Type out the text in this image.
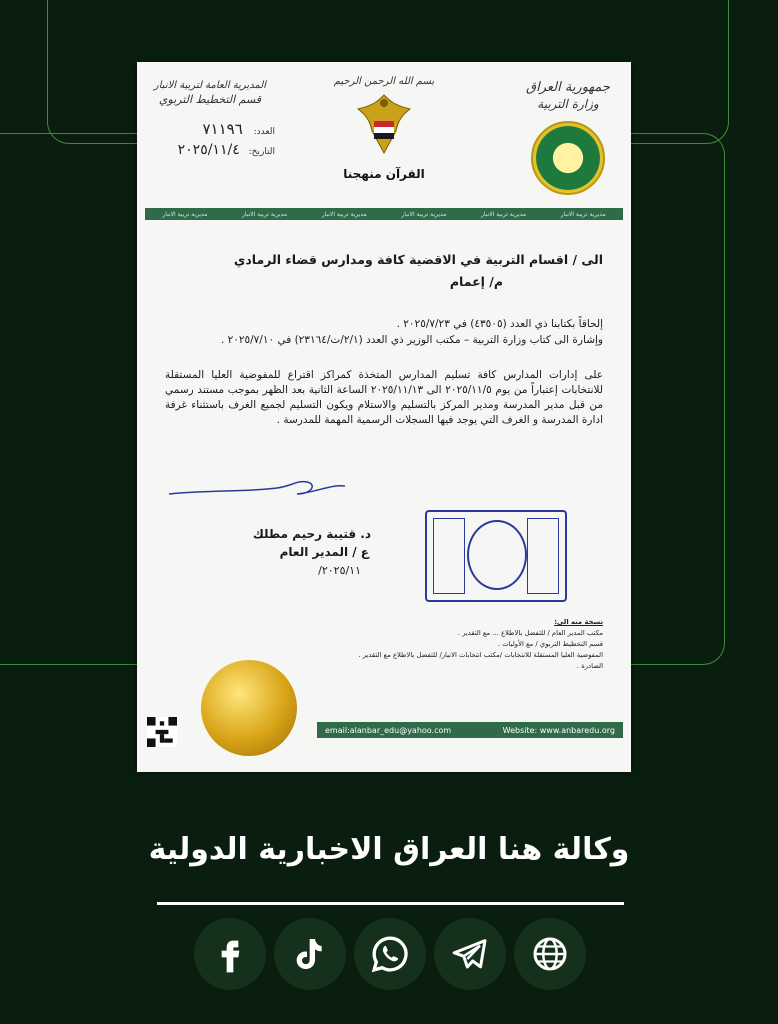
جمهورية العراق
وزارة التربية
بسم الله الرحمن الرحيم
القرآن منهجنا
المديرية العامة لتربية الانبار
قسم التخطيط التربوي
العدد: ٧١١٩٦
التاريخ: ٢٠٢٥/١١/٤
مديرية تربية الانبار
مديرية تربية الانبار
مديرية تربية الانبار
مديرية تربية الانبار
مديرية تربية الانبار
مديرية تربية الانبار
الى / اقسام التربية في الاقضية كافة ومدارس قضاء الرمادي
م/ إعمام
إلحاقاً بكتابنا ذي العدد (٤٣٥٠٥) في ٢٠٢٥/٧/٢٣ .
وإشارة الى كتاب وزارة التربية – مكتب الوزير ذي العدد (٢/١/ت/٢٣١٦٤) في ٢٠٢٥/٧/١٠ .
على إدارات المدارس كافة تسليم المدارس المتخذة كمراكز اقتراع للمفوضية العليا المستقلة للانتخابات إعتباراً من يوم ٢٠٢٥/١١/٥ الى ٢٠٢٥/١١/١٣ الساعة الثانية بعد الظهر بموجب مستند رسمي من قبل مدير المدرسة ومدير المركز بالتسليم والاستلام ويكون التسليم لجميع الغرف باستثناء غرفة ادارة المدرسة و الغرف التي يوجد فيها السجلات الرسمية المهمة للمدرسة .
د. قتيبة رحيم مطلك
ع / المدير العام
٢٠٢٥/١١/
نسخة منه الى:
مكتب المدير العام / للتفضل بالاطلاع ... مع التقدير .
قسم التخطيط التربوي / مع الأوليات .
المفوضية العليا المستقلة للانتخابات /مكتب انتخابات الانبار/ للتفضل بالاطلاع مع التقدير .
الصادرة .
email:alanbar_edu@yahoo.com	Website: www.anbaredu.org
وكالة هنا العراق الاخبارية الدولية
